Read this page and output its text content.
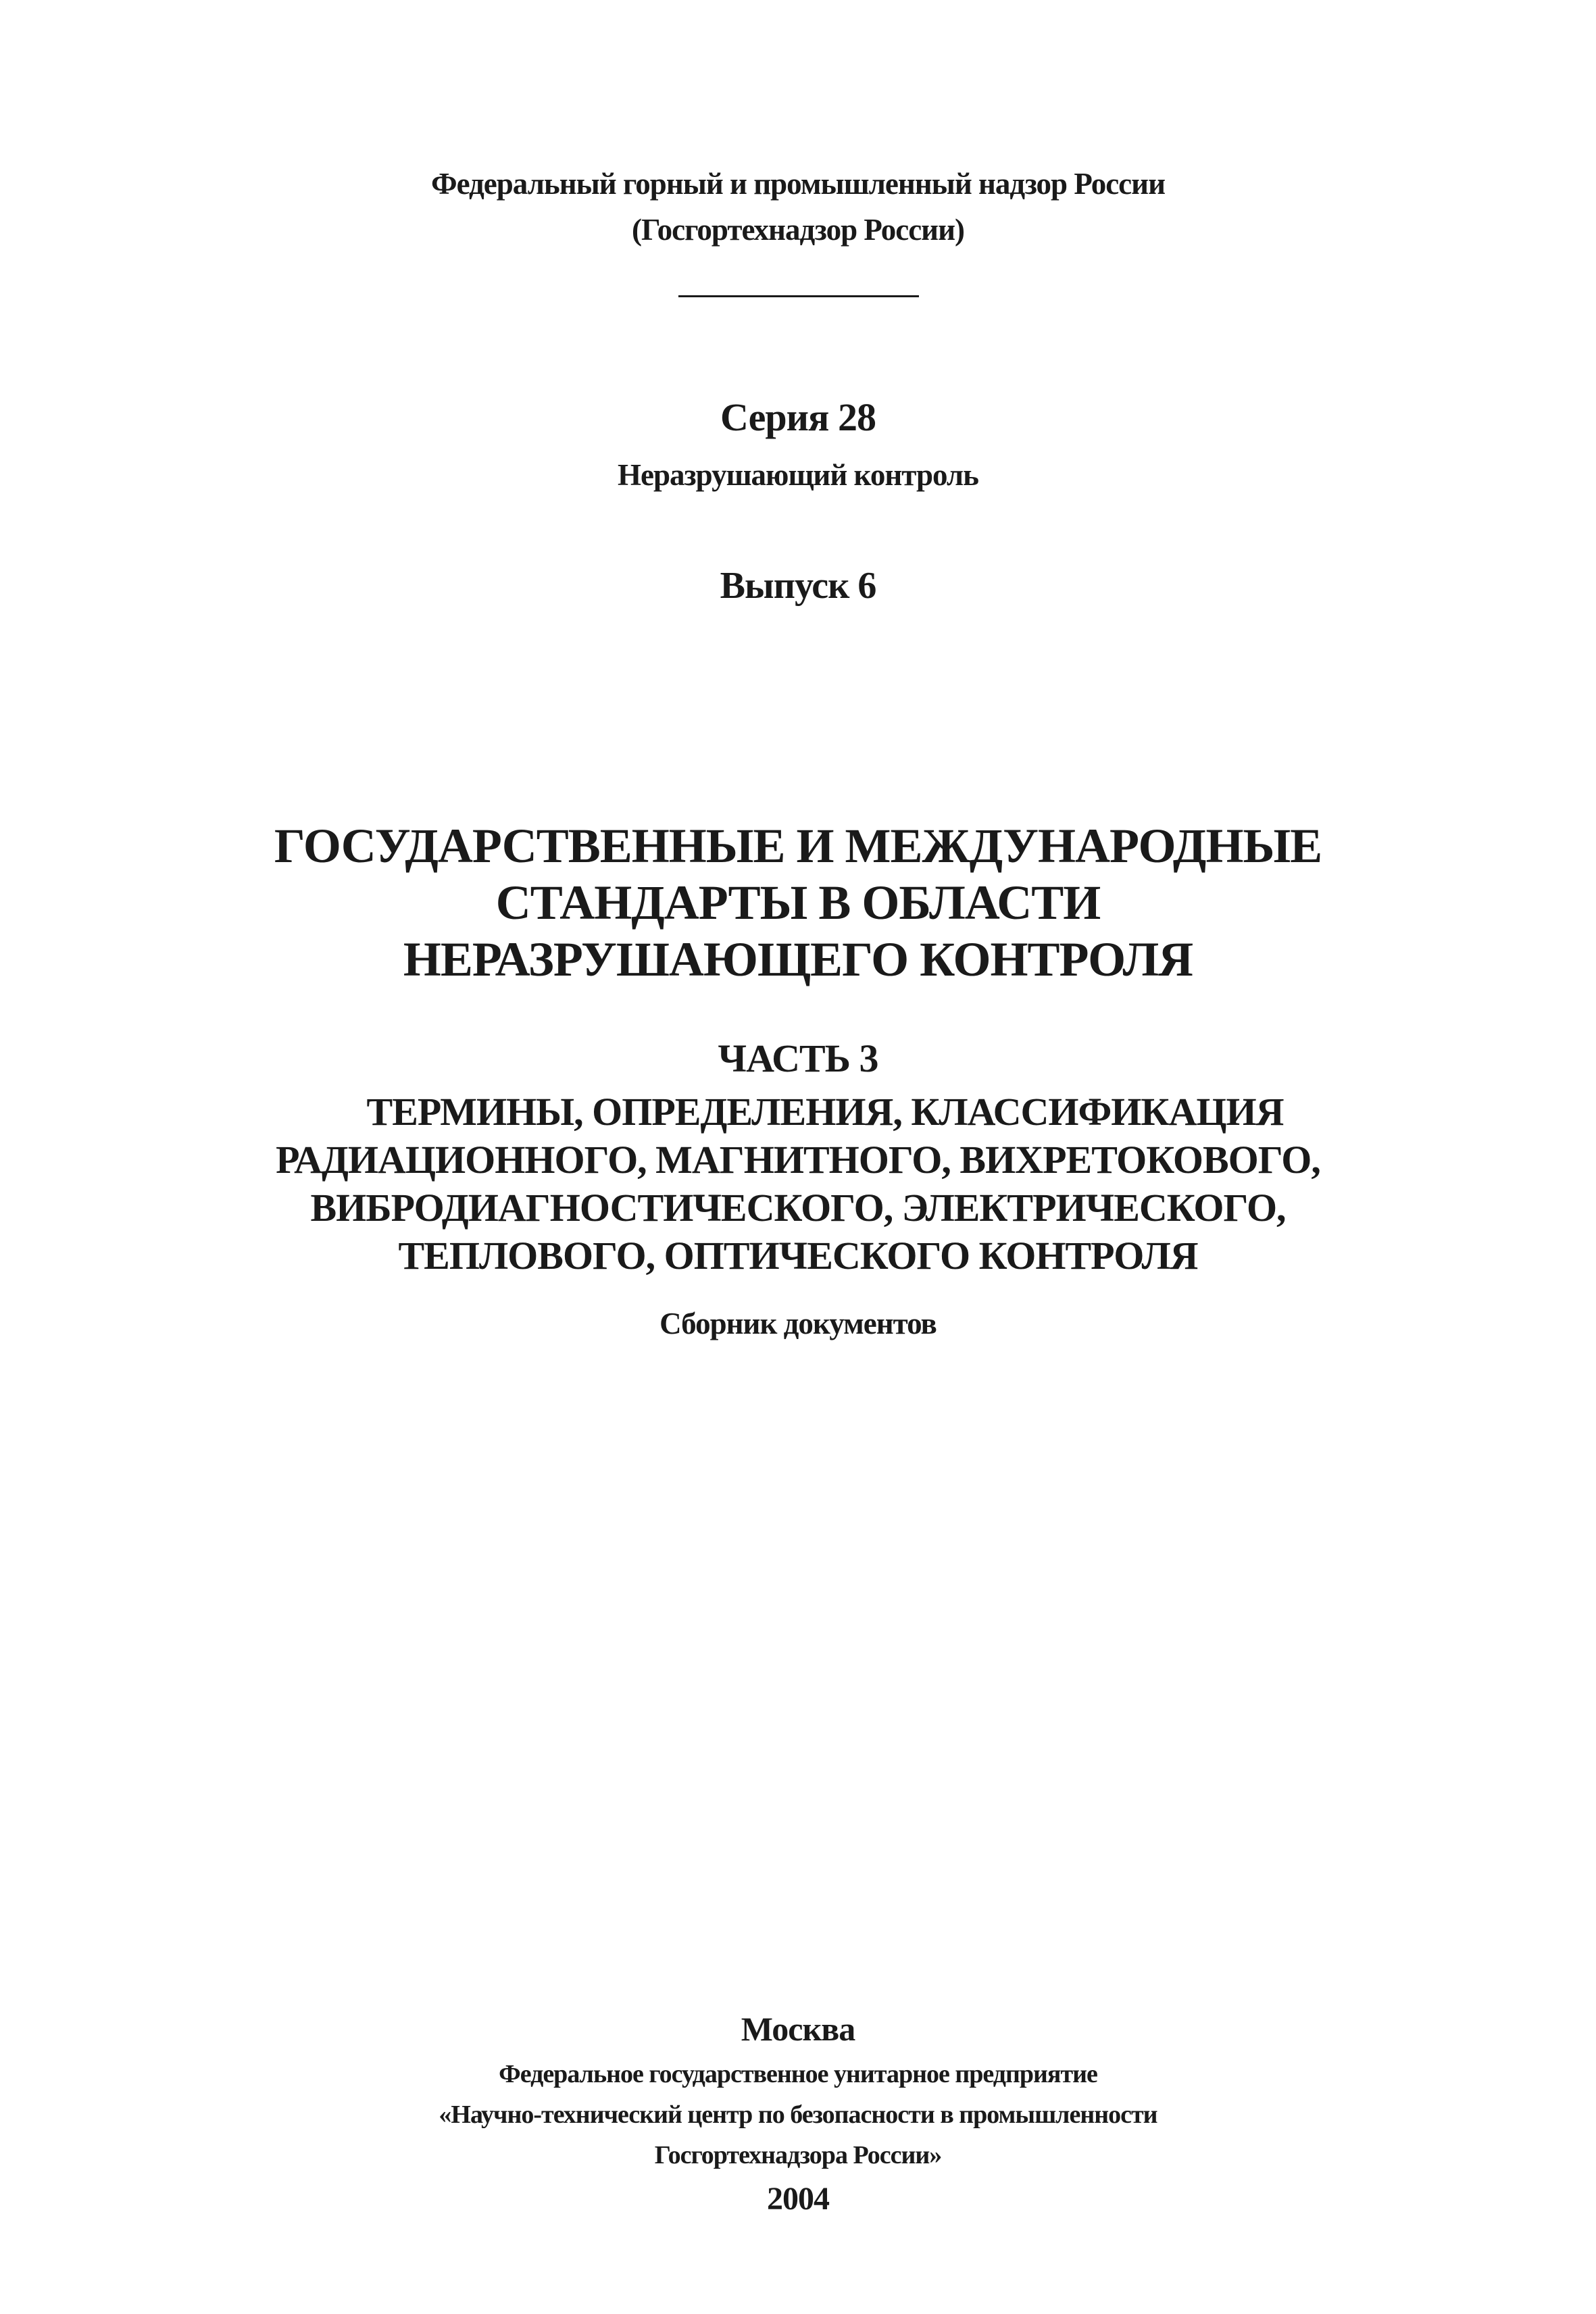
Федеральный горный и промышленный надзор России
(Госгортехнадзор России)
Серия 28
Неразрушающий контроль
Выпуск 6
ГОСУДАРСТВЕННЫЕ И МЕЖДУНАРОДНЫЕ
СТАНДАРТЫ В ОБЛАСТИ
НЕРАЗРУШАЮЩЕГО КОНТРОЛЯ
ЧАСТЬ 3
ТЕРМИНЫ, ОПРЕДЕЛЕНИЯ, КЛАССИФИКАЦИЯ
РАДИАЦИОННОГО, МАГНИТНОГО, ВИХРЕТОКОВОГО,
ВИБРОДИАГНОСТИЧЕСКОГО, ЭЛЕКТРИЧЕСКОГО,
ТЕПЛОВОГО, ОПТИЧЕСКОГО КОНТРОЛЯ
Сборник документов
Москва
Федеральное государственное унитарное предприятие
«Научно-технический центр по безопасности в промышленности
Госгортехнадзора России»
2004
